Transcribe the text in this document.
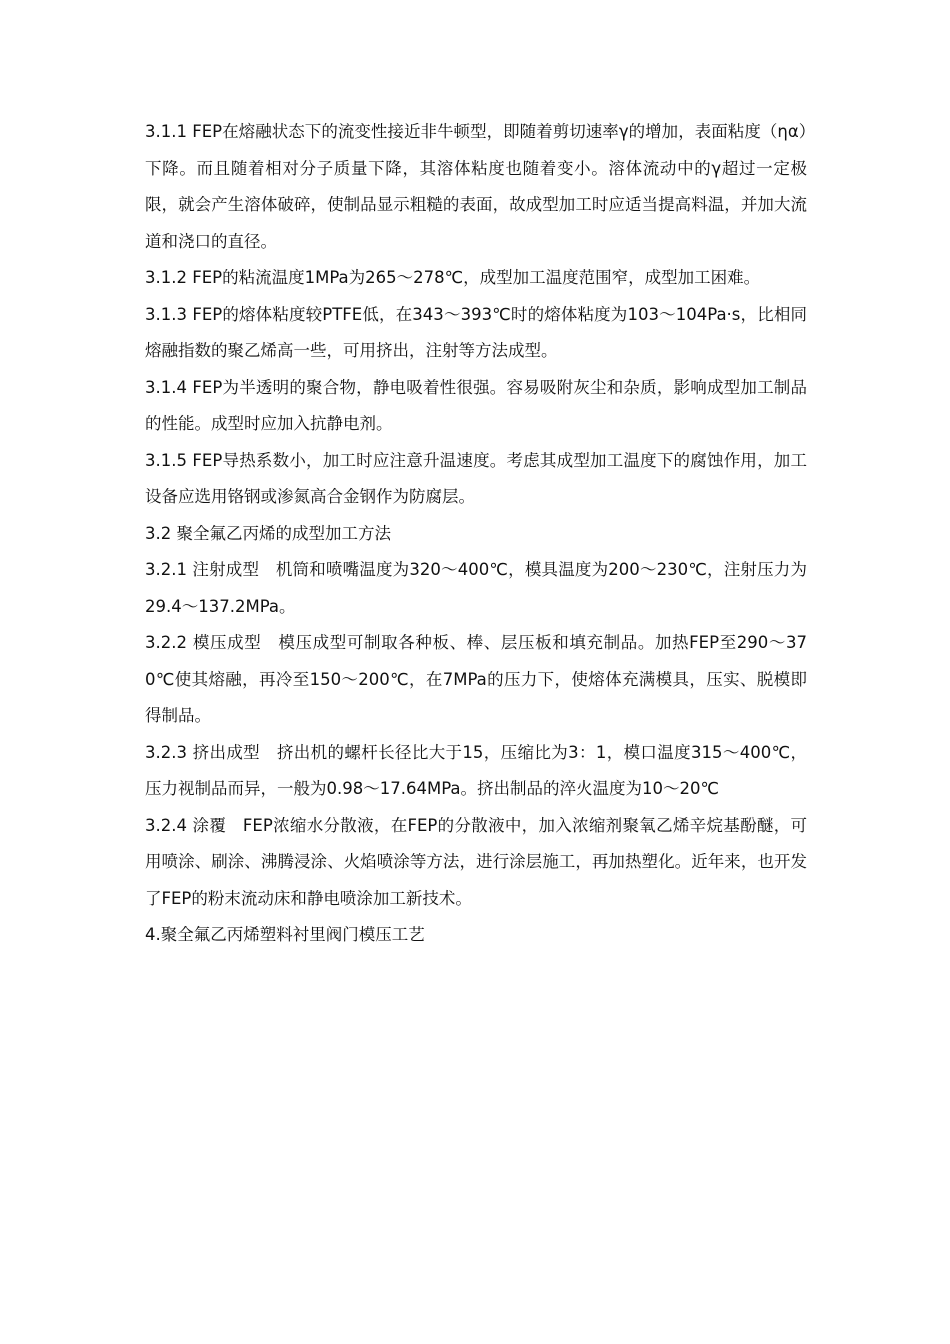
3.1.1 FEP在熔融状态下的流变性接近非牛顿型，即随着剪切速率γ的增加，表面粘度（ηα）下降。而且随着相对分子质量下降，其溶体粘度也随着变小。溶体流动中的γ超过一定极限，就会产生溶体破碎，使制品显示粗糙的表面，故成型加工时应适当提高料温，并加大流道和浇口的直径。

3.1.2 FEP的粘流温度1MPa为265～278℃，成型加工温度范围窄，成型加工困难。

3.1.3 FEP的熔体粘度较PTFE低，在343～393℃时的熔体粘度为103～104Pa·s，比相同熔融指数的聚乙烯高一些，可用挤出，注射等方法成型。

3.1.4 FEP为半透明的聚合物，静电吸着性很强。容易吸附灰尘和杂质，影响成型加工制品的性能。成型时应加入抗静电剂。

3.1.5 FEP导热系数小，加工时应注意升温速度。考虑其成型加工温度下的腐蚀作用，加工设备应选用铬钢或渗氮高合金钢作为防腐层。

3.2 聚全氟乙丙烯的成型加工方法

3.2.1 注射成型　机筒和喷嘴温度为320～400℃，模具温度为200～230℃，注射压力为29.4～137.2MPa。

3.2.2 模压成型　模压成型可制取各种板、棒、层压板和填充制品。加热FEP至290～370℃使其熔融，再冷至150～200℃，在7MPa的压力下，使熔体充满模具，压实、脱模即得制品。

3.2.3 挤出成型　挤出机的螺杆长径比大于15，压缩比为3：1，模口温度315～400℃，压力视制品而异，一般为0.98～17.64MPa。挤出制品的淬火温度为10～20℃

3.2.4 涂覆　FEP浓缩水分散液，在FEP的分散液中，加入浓缩剂聚氧乙烯辛烷基酚醚，可用喷涂、刷涂、沸腾浸涂、火焰喷涂等方法，进行涂层施工，再加热塑化。近年来，也开发了FEP的粉末流动床和静电喷涂加工新技术。

4.聚全氟乙丙烯塑料衬里阀门模压工艺
